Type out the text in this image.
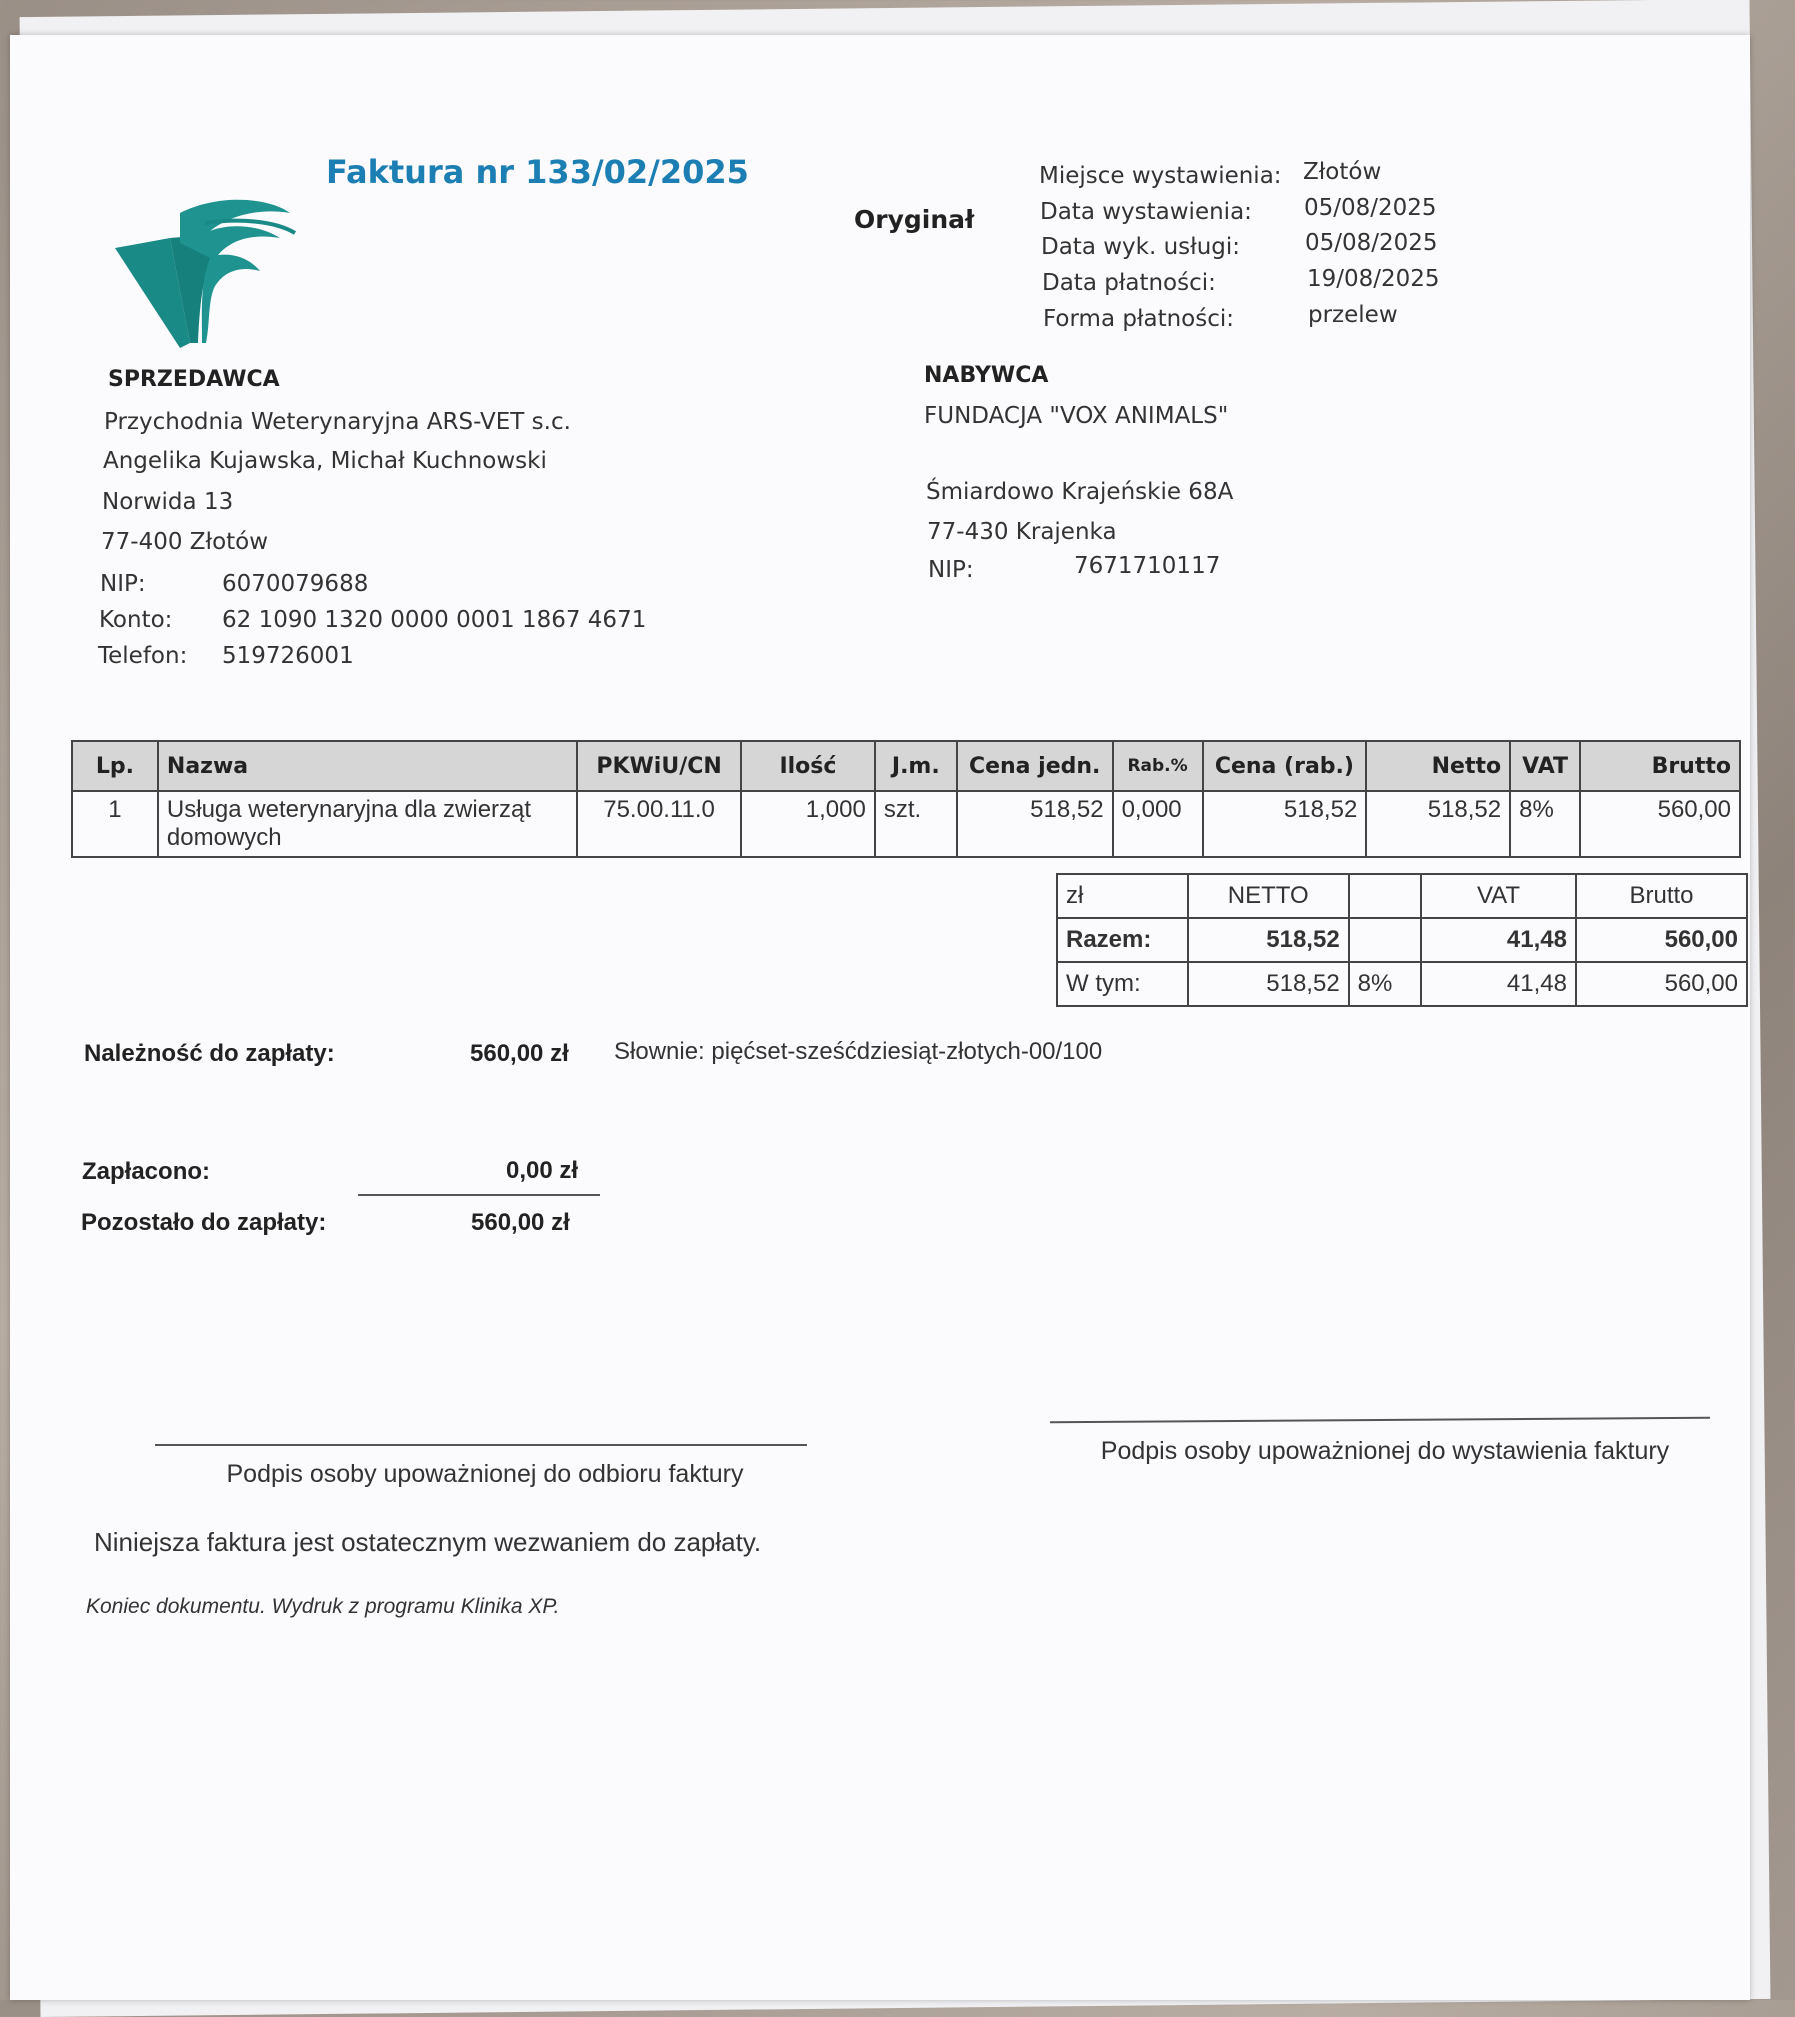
Faktura nr 133/02/2025
Oryginał
Miejsce wystawienia: Złotów
Data wystawienia: 05/08/2025
Data wyk. usługi:	05/08/2025
Data płatności:	19/08/2025
Forma płatności:	przelew
SPRZEDAWCA
Przychodnia Weterynaryjna ARS-VET s.c.
Angelika Kujawska, Michał Kuchnowski
Norwida 13
77-400 Złotów
NIP:	6070079688
Konto: 62 1090 1320 0000 0001 1867 4671
Telefon: 519726001
NABYWCA
FUNDACJA "VOX ANIMALS"
Śmiardowo Krajeńskie 68A
77-430 Krajenka
NIP:	7671710117
Lp.	Nazwa	PKWiU/CN	Ilość	J.m.	Cena jedn.	Rab.%	Cena (rab.)	Netto	VAT	Brutto
1	Usługa weterynaryjna dla zwierząt domowych	75.00.11.0	1,000	szt.	518,52	0,000	518,52	518,52	8%	560,00
zł	NETTO		VAT	Brutto
Razem:	518,52		41,48	560,00
W tym:	518,52	8%	41,48	560,00
Należność do zapłaty:	560,00 zł Słownie: pięćset-sześćdziesiąt-złotych-00/100
Zapłacono:	0,00 zł
Pozostało do zapłaty:	560,00 zł
Podpis osoby upoważnionej do odbioru faktury
Podpis osoby upoważnionej do wystawienia faktury
Niniejsza faktura jest ostatecznym wezwaniem do zapłaty.
Koniec dokumentu. Wydruk z programu Klinika XP.
